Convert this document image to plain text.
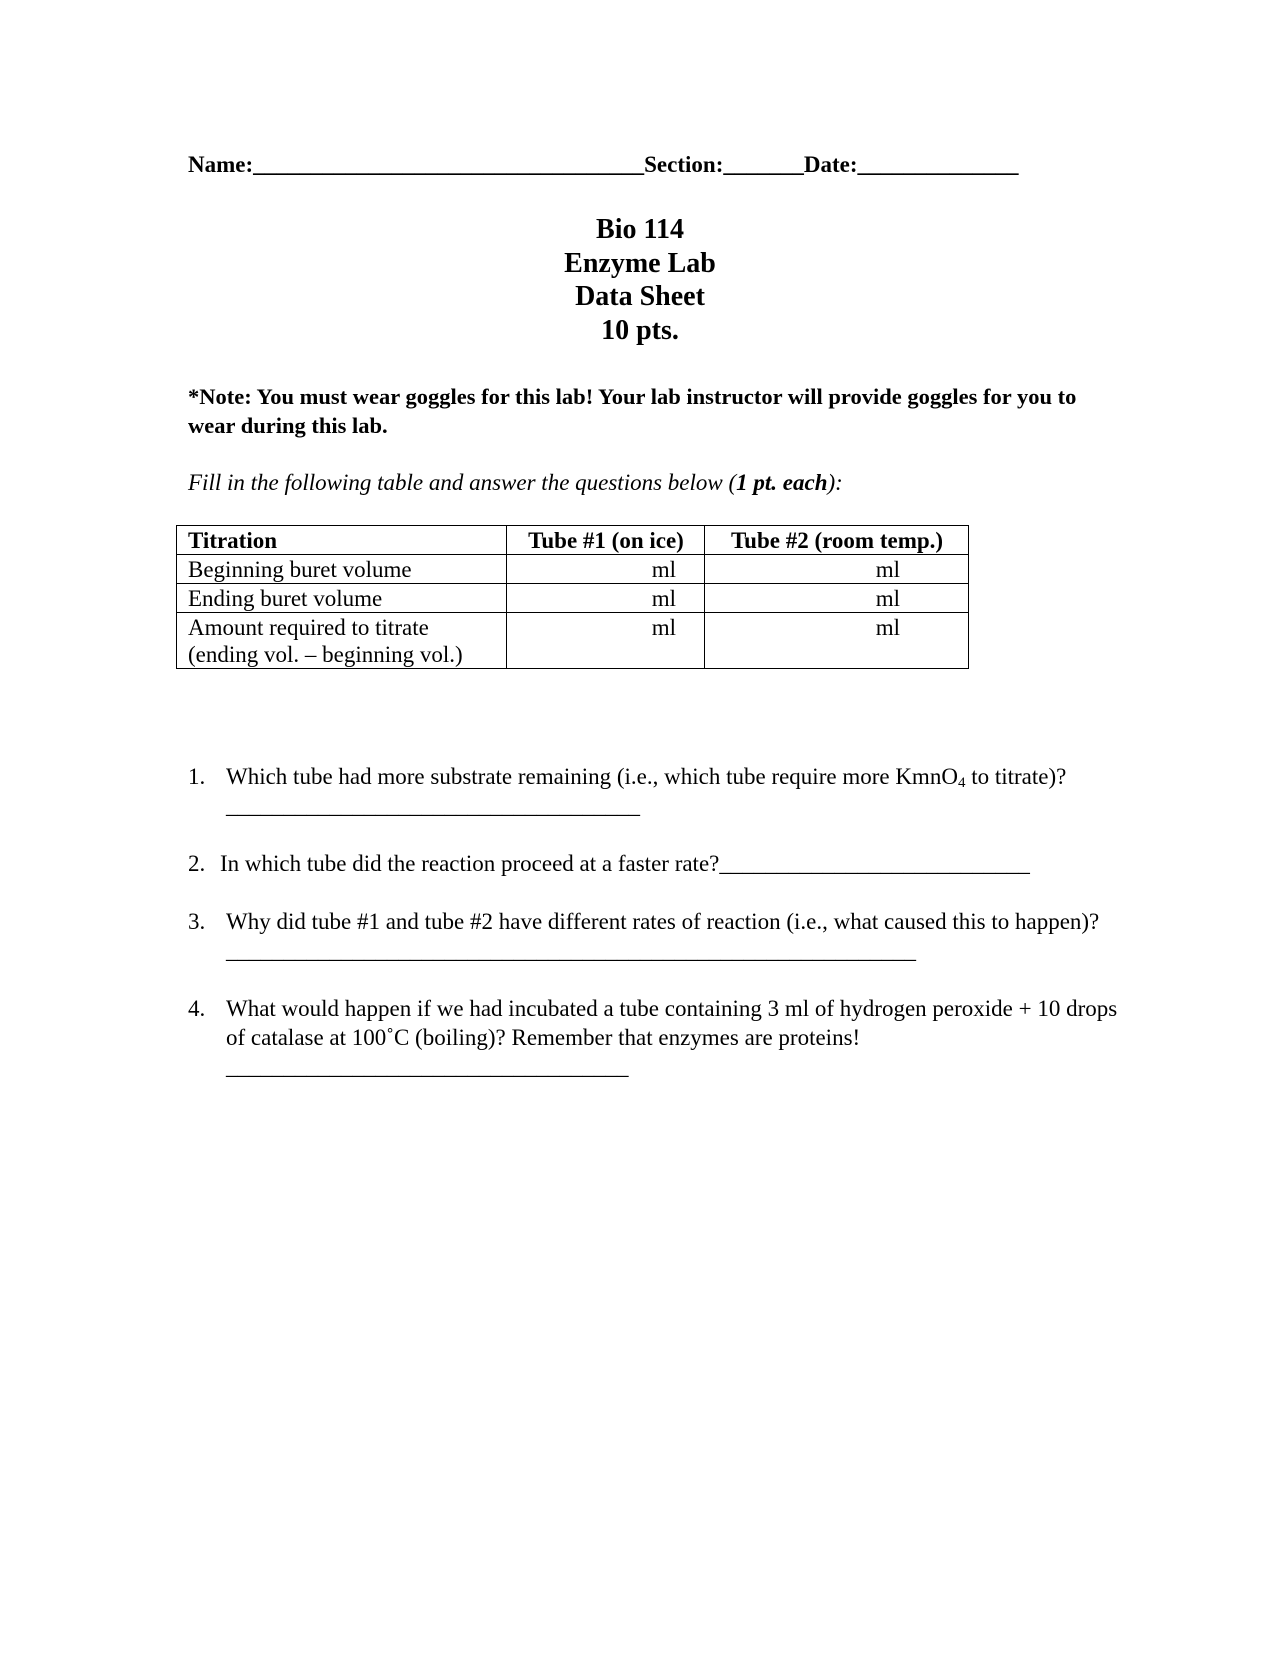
Name:__________________________________Section:_______Date:______________
Bio 114
Enzyme Lab
Data Sheet
10 pts.
*Note: You must wear goggles for this lab! Your lab instructor will provide goggles for you to wear during this lab.
Fill in the following table and answer the questions below (1 pt. each):
Titration	Tube #1 (on ice)	Tube #2 (room temp.)
Beginning buret volume	ml	ml
Ending buret volume	ml	ml

Amount required to titrate
(ending vol. – beginning vol.)	ml	ml
1. Which tube had more substrate remaining (i.e., which tube require more KmnO$_4$ to titrate)?____________________________________
2. In which tube did the reaction proceed at a faster rate?___________________________
3. Why did tube #1 and tube #2 have different rates of reaction (i.e., what caused this to happen)?____________________________________________________________
4. What would happen if we had incubated a tube containing 3 ml of hydrogen peroxide + 10 drops of catalase at 100˚C (boiling)? Remember that enzymes are proteins!
___________________________________
